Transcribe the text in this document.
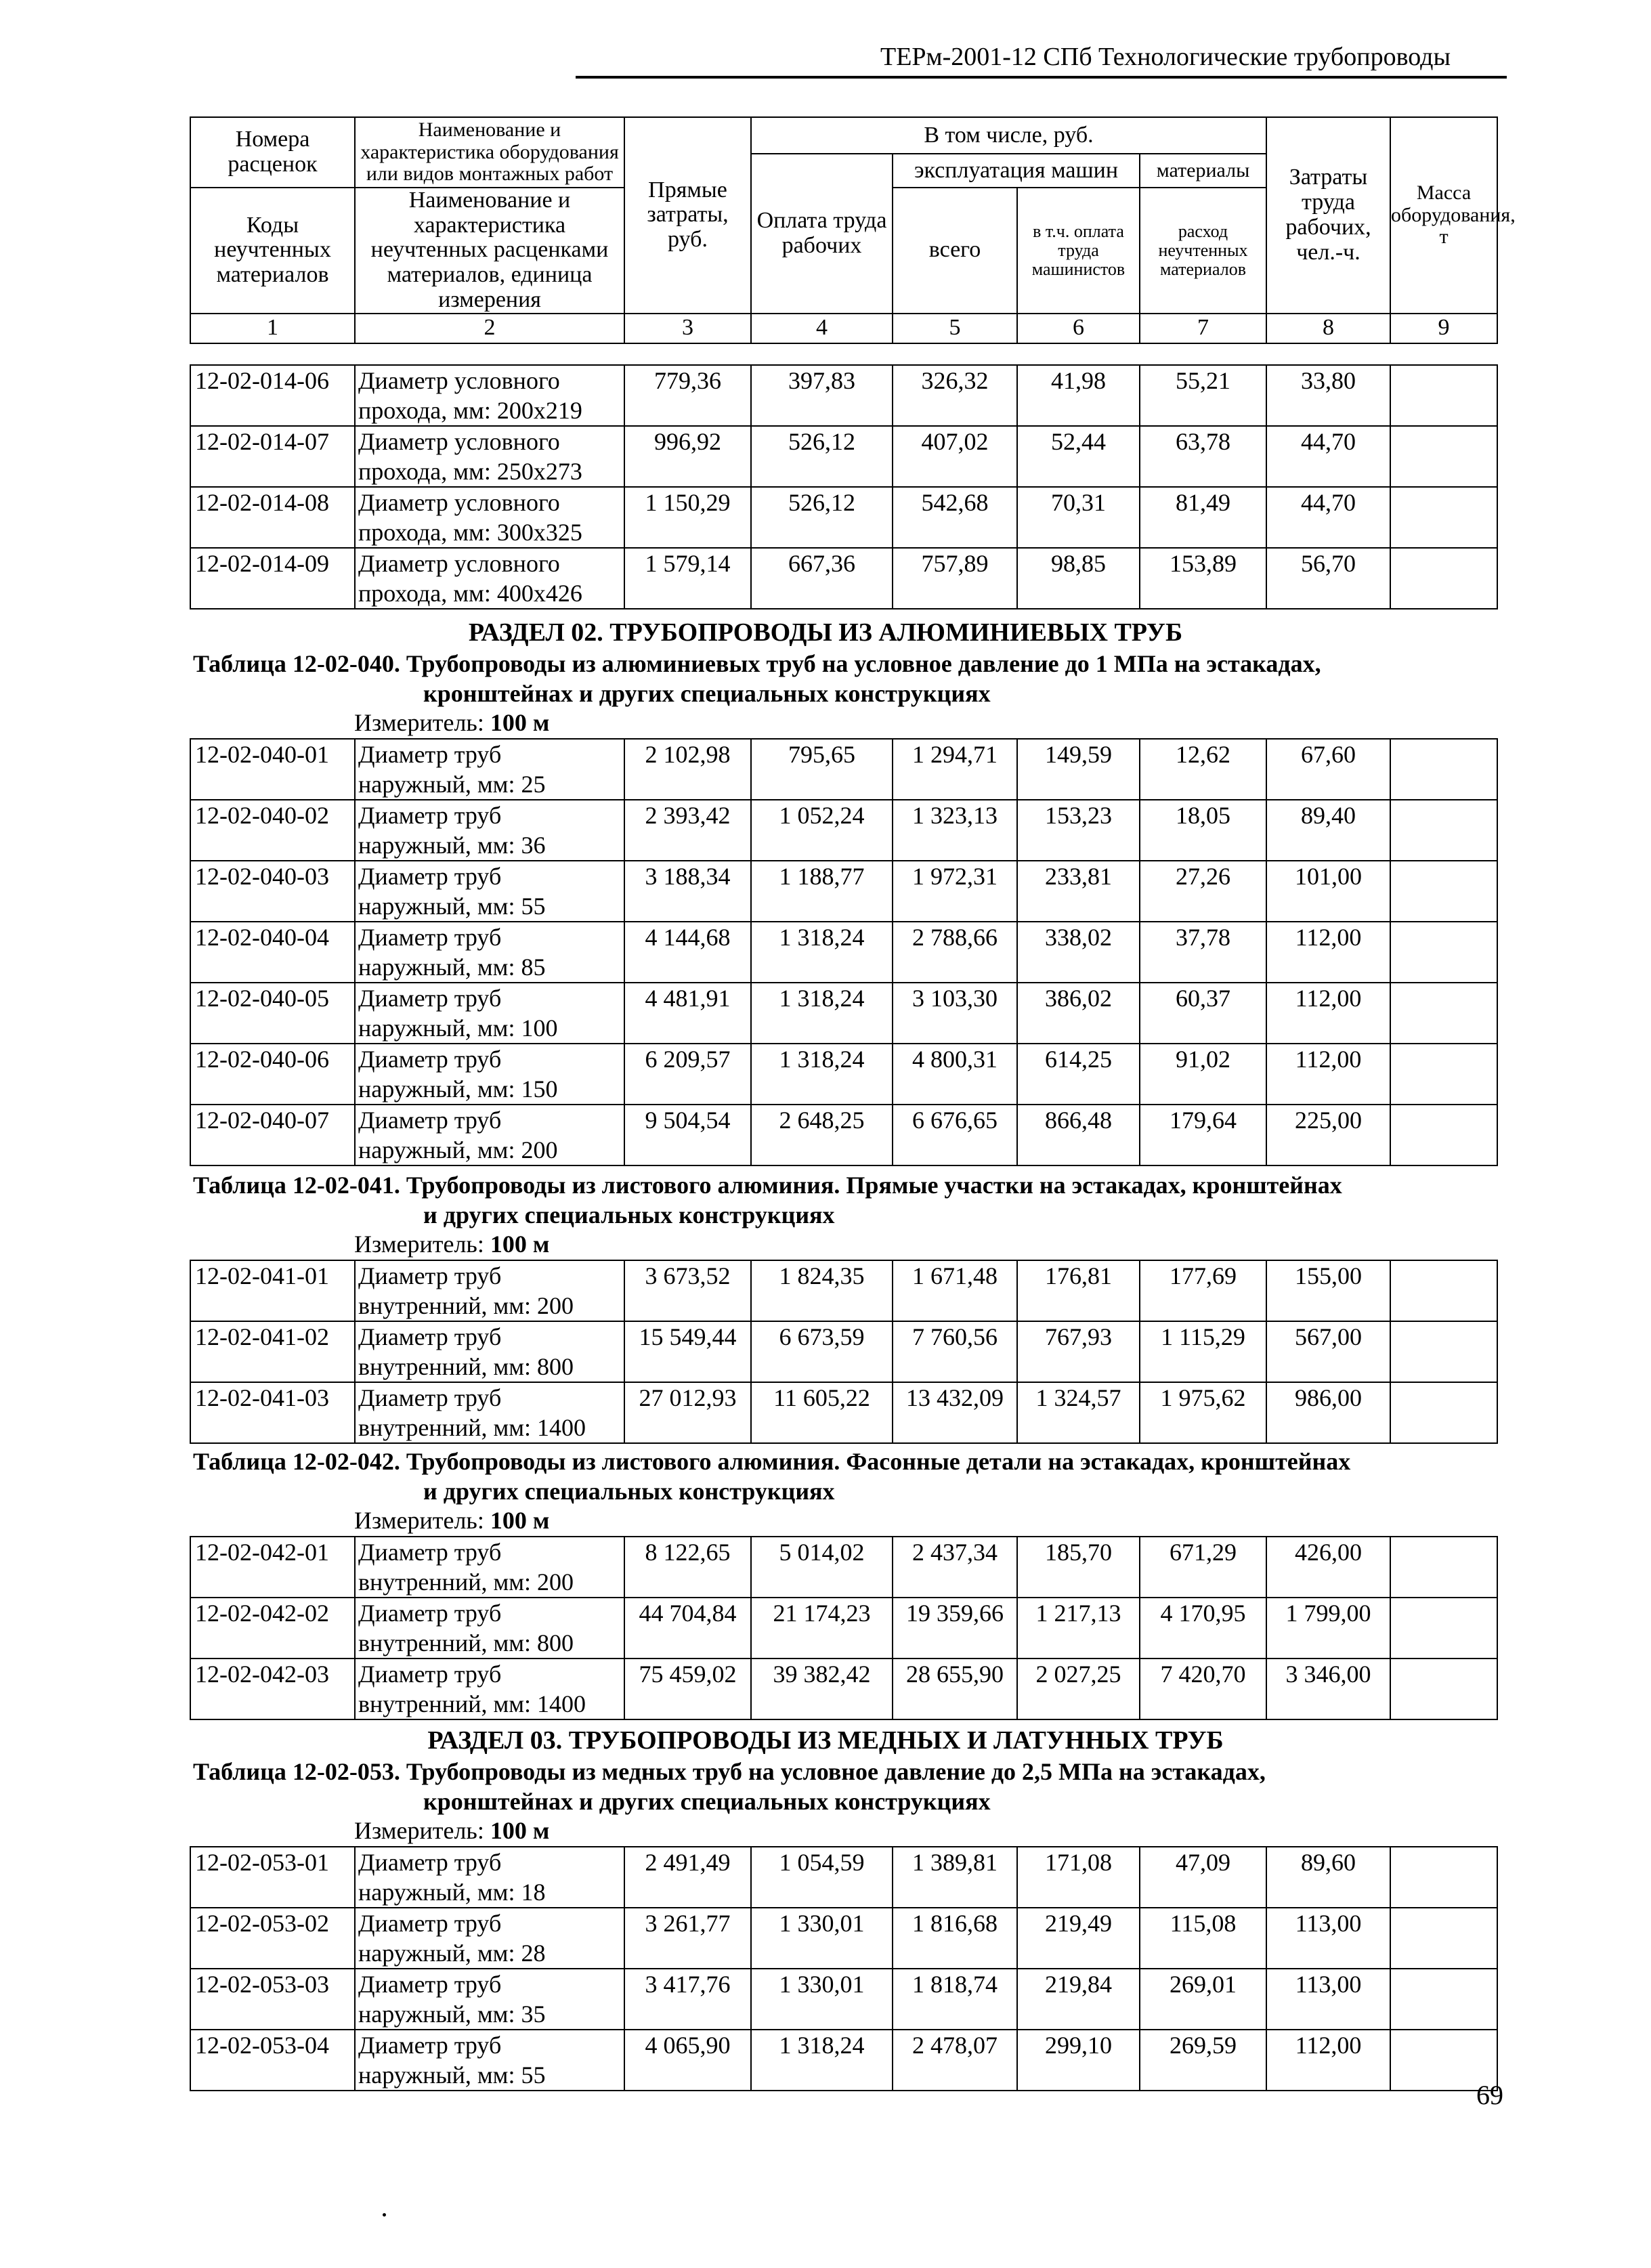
ТЕРм-2001-12 СПб Технологические трубопроводы
Номера расценок	Наименование и характеристика оборудования или видов монтажных работ	Прямые затраты, руб.	В том числе, руб.				Затраты труда рабочих, чел.-ч.	Масса оборудования, т
			Оплата труда рабочих	эксплуатация машин		материалы		
Коды неучтенных материалов	Наименование и характеристика неучтенных расценками материалов, единица измерения			всего	в т.ч. оплата труда машинистов	расход неучтенных материалов		

1	2	3	4	5	6	7	8	9
12-02-014-06	Диаметр условного	779,36	397,83	326,32	41,98	55,21	33,80	
	прохода, мм: 200х219							
12-02-014-07	Диаметр условного	996,92	526,12	407,02	52,44	63,78	44,70	
	прохода, мм: 250х273							
12-02-014-08	Диаметр условного	1 150,29	526,12	542,68	70,31	81,49	44,70	
	прохода, мм: 300х325							
12-02-014-09	Диаметр условного	1 579,14	667,36	757,89	98,85	153,89	56,70	
	прохода, мм: 400х426							
РАЗДЕЛ 02. ТРУБОПРОВОДЫ ИЗ АЛЮМИНИЕВЫХ ТРУБ
Таблица 12-02-040. Трубопроводы из алюминиевых труб на условное давление до 1 МПа на эстакадах,
кронштейнах и других специальных конструкциях
Измеритель: 100 м
12-02-040-01	Диаметр труб	2 102,98	795,65	1 294,71	149,59	12,62	67,60	
	наружный, мм: 25							
12-02-040-02	Диаметр труб	2 393,42	1 052,24	1 323,13	153,23	18,05	89,40	
	наружный, мм: 36							
12-02-040-03	Диаметр труб	3 188,34	1 188,77	1 972,31	233,81	27,26	101,00	
	наружный, мм: 55							
12-02-040-04	Диаметр труб	4 144,68	1 318,24	2 788,66	338,02	37,78	112,00	
	наружный, мм: 85							
12-02-040-05	Диаметр труб	4 481,91	1 318,24	3 103,30	386,02	60,37	112,00	
	наружный, мм: 100							
12-02-040-06	Диаметр труб	6 209,57	1 318,24	4 800,31	614,25	91,02	112,00	
	наружный, мм: 150							
12-02-040-07	Диаметр труб	9 504,54	2 648,25	6 676,65	866,48	179,64	225,00	
	наружный, мм: 200							
Таблица 12-02-041. Трубопроводы из листового алюминия. Прямые участки на эстакадах, кронштейнах
и других специальных конструкциях
Измеритель: 100 м
12-02-041-01	Диаметр труб	3 673,52	1 824,35	1 671,48	176,81	177,69	155,00	
	внутренний, мм: 200							
12-02-041-02	Диаметр труб	15 549,44	6 673,59	7 760,56	767,93	1 115,29	567,00	
	внутренний, мм: 800							
12-02-041-03	Диаметр труб	27 012,93	11 605,22	13 432,09	1 324,57	1 975,62	986,00	
	внутренний, мм: 1400							
Таблица 12-02-042. Трубопроводы из листового алюминия. Фасонные детали на эстакадах, кронштейнах
и других специальных конструкциях
Измеритель: 100 м
12-02-042-01	Диаметр труб	8 122,65	5 014,02	2 437,34	185,70	671,29	426,00	
	внутренний, мм: 200							
12-02-042-02	Диаметр труб	44 704,84	21 174,23	19 359,66	1 217,13	4 170,95	1 799,00	
	внутренний, мм: 800							
12-02-042-03	Диаметр труб	75 459,02	39 382,42	28 655,90	2 027,25	7 420,70	3 346,00	
	внутренний, мм: 1400							
РАЗДЕЛ 03. ТРУБОПРОВОДЫ ИЗ МЕДНЫХ И ЛАТУННЫХ ТРУБ
Таблица 12-02-053. Трубопроводы из медных труб на условное давление до 2,5 МПа на эстакадах,
кронштейнах и других специальных конструкциях
Измеритель: 100 м
12-02-053-01	Диаметр труб	2 491,49	1 054,59	1 389,81	171,08	47,09	89,60	
	наружный, мм: 18							
12-02-053-02	Диаметр труб	3 261,77	1 330,01	1 816,68	219,49	115,08	113,00	
	наружный, мм: 28							
12-02-053-03	Диаметр труб	3 417,76	1 330,01	1 818,74	219,84	269,01	113,00	
	наружный, мм: 35							
12-02-053-04	Диаметр труб	4 065,90	1 318,24	2 478,07	299,10	269,59	112,00	
	наружный, мм: 55							
69
